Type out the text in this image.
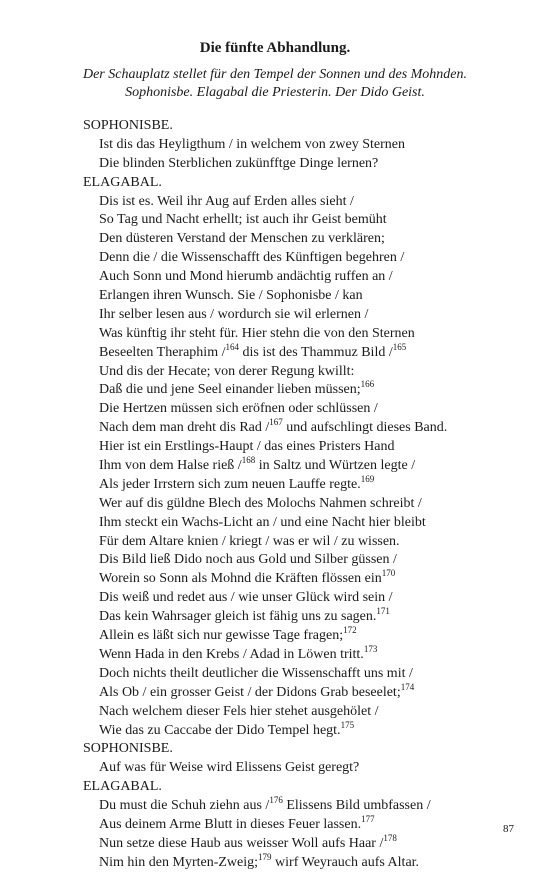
Die fünfte Abhandlung.
Der Schauplatz stellet für den Tempel der Sonnen und des Mohnden.
Sophonisbe. Elagabal die Priesterin. Der Dido Geist.
SOPHONISBE.
Ist dis das Heyligthum / in welchem von zwey Sternen
Die blinden Sterblichen zukünfftge Dinge lernen?
ELAGABAL.
Dis ist es. Weil ihr Aug auf Erden alles sieht /
So Tag und Nacht erhellt; ist auch ihr Geist bemüht
Den düsteren Verstand der Menschen zu verklären;
Denn die / die Wissenschafft des Künftigen begehren /
Auch Sonn und Mond hierumb andächtig ruffen an /
Erlangen ihren Wunsch. Sie / Sophonisbe / kan
Ihr selber lesen aus / wordurch sie wil erlernen /
Was künftig ihr steht für. Hier stehn die von den Sternen
Beseelten Theraphim /$^{164}$ dis ist des Thammuz Bild /$^{165}$
Und dis der Hecate; von derer Regung kwillt:
Daß die und jene Seel einander lieben müssen;$^{166}$
Die Hertzen müssen sich eröfnen oder schlüssen /
Nach dem man dreht dis Rad /$^{167}$ und aufschlingt dieses Band.
Hier ist ein Erstlings-Haupt / das eines Pristers Hand
Ihm von dem Halse rieß /$^{168}$ in Saltz und Würtzen legte /
Als jeder Irrstern sich zum neuen Lauffe regte.$^{169}$
Wer auf dis güldne Blech des Molochs Nahmen schreibt /
Ihm steckt ein Wachs-Licht an / und eine Nacht hier bleibt
Für dem Altare knien / kriegt / was er wil / zu wissen.
Dis Bild ließ Dido noch aus Gold und Silber güssen /
Worein so Sonn als Mohnd die Kräften flössen ein$^{170}$
Dis weiß und redet aus / wie unser Glück wird sein /
Das kein Wahrsager gleich ist fähig uns zu sagen.$^{171}$
Allein es läßt sich nur gewisse Tage fragen;$^{172}$
Wenn Hada in den Krebs / Adad in Löwen tritt.$^{173}$
Doch nichts theilt deutlicher die Wissenschafft uns mit /
Als Ob / ein grosser Geist / der Didons Grab beseelet;$^{174}$
Nach welchem dieser Fels hier stehet ausgehölet /
Wie das zu Caccabe der Dido Tempel hegt.$^{175}$
SOPHONISBE.
Auf was für Weise wird Elissens Geist geregt?
ELAGABAL.
Du must die Schuh ziehn aus /$^{176}$ Elissens Bild umbfassen /
Aus deinem Arme Blutt in dieses Feuer lassen.$^{177}$
Nun setze diese Haub aus weisser Woll aufs Haar /$^{178}$
Nim hin den Myrten-Zweig;$^{179}$ wirf Weyrauch aufs Altar.
87
